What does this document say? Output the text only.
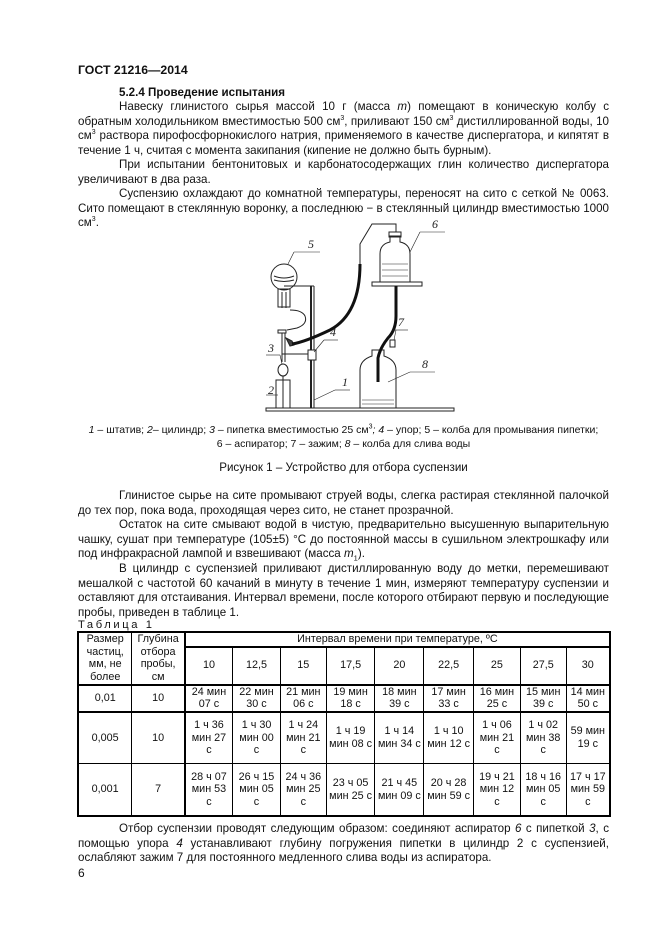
ГОСТ 21216—2014
5.2.4 Проведение испытания
Навеску глинистого сырья массой 10 г (масса m) помещают в коническую колбу с обратным холодильником вместимостью 500 $см^3$, приливают 150 $см^3$ дистиллированной воды, 10 $см^3$ раствора пирофосфорнокислого натрия, применяемого в качестве диспергатора, и кипятят в течение 1 ч, считая с момента закипания (кипение не должно быть бурным).
При испытании бентонитовых и карбонатосодержащих глин количество диспергатора увеличивают в два раза.
Суспензию охлаждают до комнатной температуры, переносят на сито с сеткой № 0063. Сито помещают в стеклянную воронку, а последнюю − в стеклянный цилиндр вместимостью 1000 $см^3$.
5
6
3
4
2
1
7
8
1 – штатив; 2– цилиндр; 3 – пипетка вместимостью 25 $см^3$; 4 – упор; 5 – колба для промывания пипетки;
6 – аспиратор; 7 – зажим; 8 – колба для слива воды
Рисунок 1 – Устройство для отбора суспензии
Глинистое сырье на сите промывают струей воды, слегка растирая стеклянной палочкой до тех пор, пока вода, проходящая через сито, не станет прозрачной.
Остаток на сите смывают водой в чистую, предварительно высушенную выпарительную чашку, сушат при температуре (105±5) °С до постоянной массы в сушильном электрошкафу или под инфракрасной лампой и взвешивают (масса $m_1$).
В цилиндр с суспензией приливают дистиллированную воду до метки, перемешивают мешалкой с частотой 60 качаний в минуту в течение 1 мин, измеряют температуру суспензии и оставляют для отстаивания. Интервал времени, после которого отбирают первую и последующие пробы, приведен в таблице 1.
Таблица 1
Размер частиц, мм, не более	Глубина отбора пробы, см	Интервал времени при температуре, ºС								
		10	12,5	15	17,5	20	22,5	25	27,5	30
0,01	10	24 мин 07 с	22 мин 30 с	21 мин 06 с	19 мин 18 с	18 мин 39 с	17 мин 33 с	16 мин 25 с	15 мин 39 с	14 мин 50 с
0,005	10	1 ч 36 мин 27 с	1 ч 30 мин 00 с	1 ч 24 мин 21 с	1 ч 19 мин 08 с	1 ч 14 мин 34 с	1 ч 10 мин 12 с	1 ч 06 мин 21 с	1 ч 02 мин 38 с	59 мин 19 с
0,001	7	28 ч 07 мин 53 с	26 ч 15 мин 05 с	24 ч 36 мин 25 с	23 ч 05 мин 25 с	21 ч 45 мин 09 с	20 ч 28 мин 59 с	19 ч 21 мин 12 с	18 ч 16 мин 05 с	17 ч 17 мин 59 с
Отбор суспензии проводят следующим образом: соединяют аспиратор 6 с пипеткой 3, с помощью упора 4 устанавливают глубину погружения пипетки в цилиндр 2 с суспензией, ослабляют зажим 7 для постоянного медленного слива воды из аспиратора.
6
